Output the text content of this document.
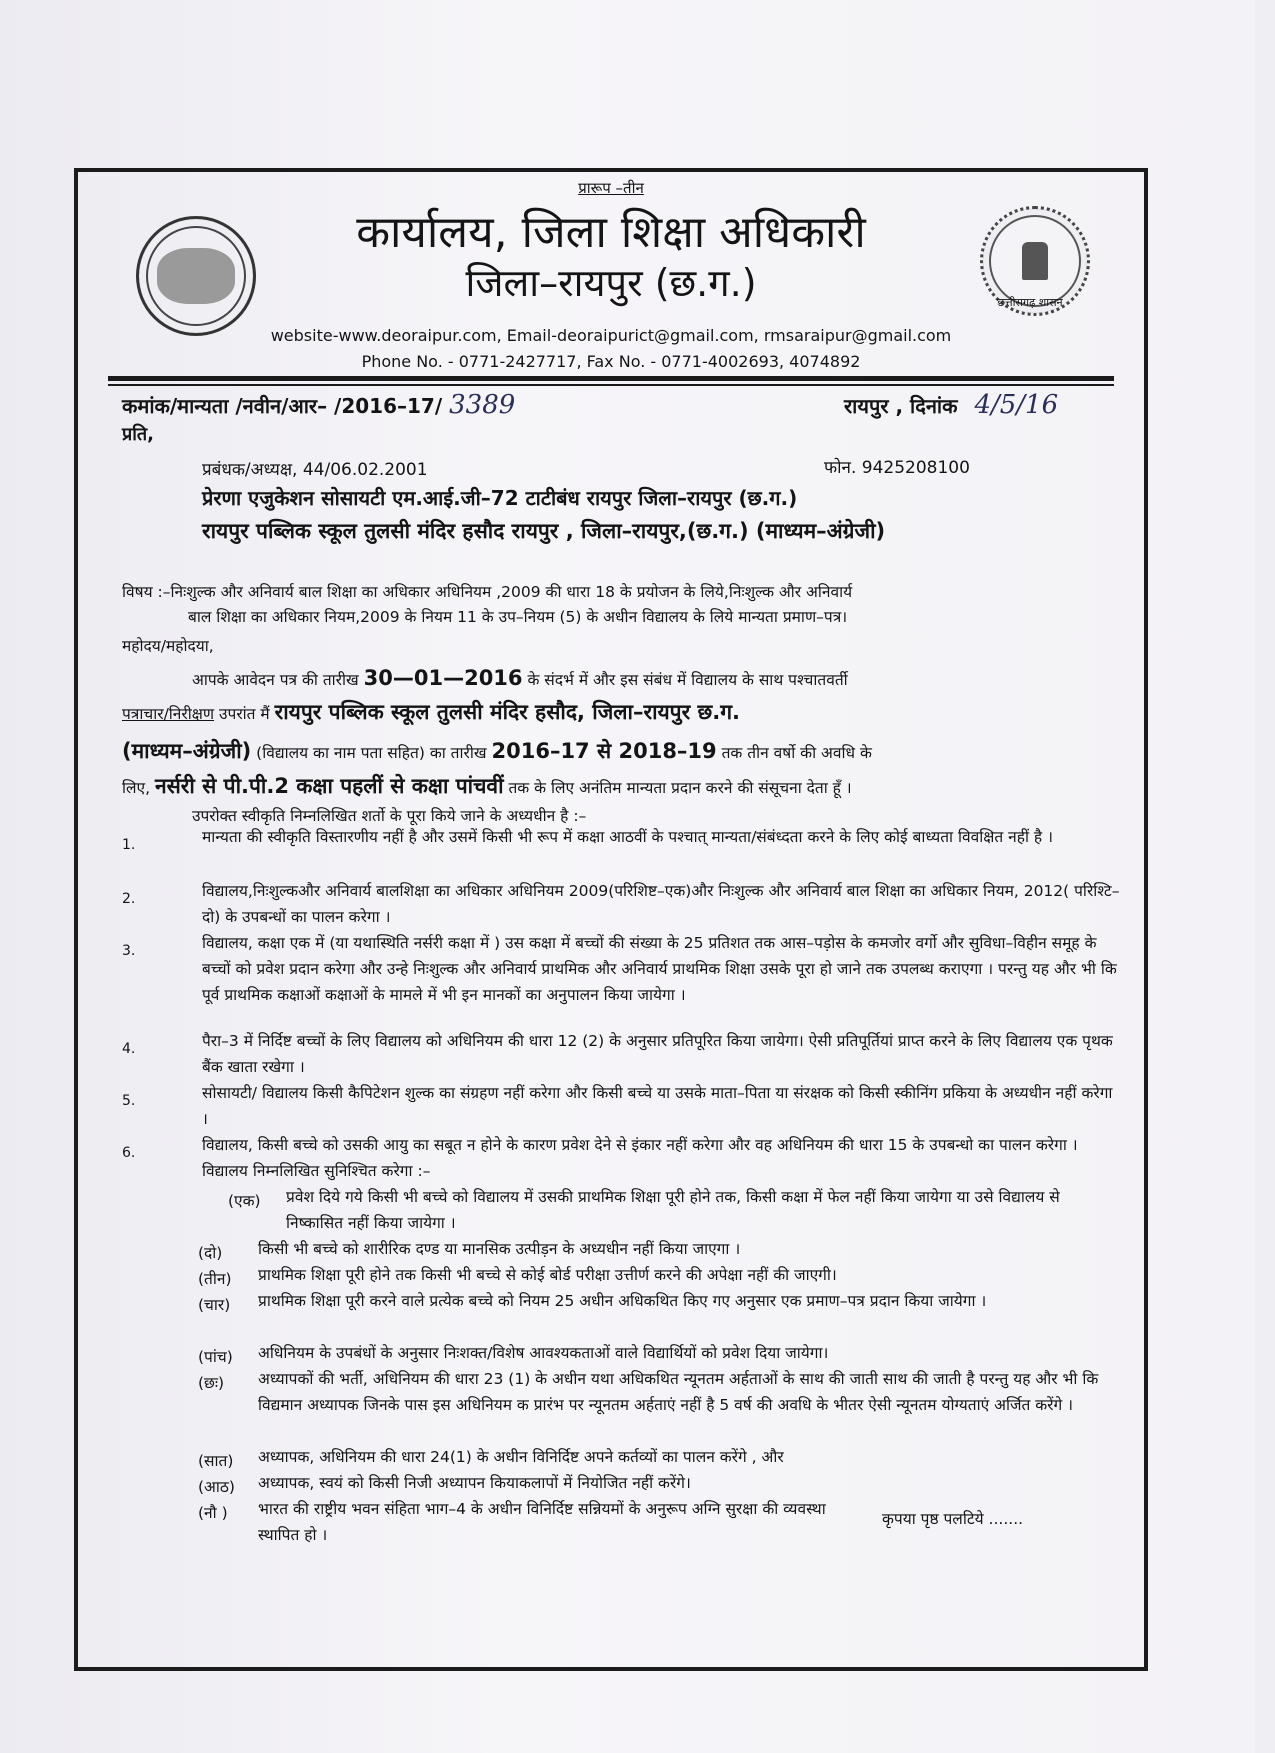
प्रारूप –तीन
छत्तीसगढ़ शासन
कार्यालय, जिला शिक्षा अधिकारी
जिला–रायपुर (छ.ग.)
website-www.deoraipur.com, Email-deoraipurict@gmail.com, rmsaraipur@gmail.com
Phone No. - 0771-2427717, Fax No. - 0771-4002693, 4074892
कमांक/मान्यता /नवीन/आर– /2016–17/ 3389	रायपुर , दिनांक 4/5/16
प्रति,
प्रबंधक/अध्यक्ष, 44/06.02.2001	फोन. 9425208100
प्रेरणा एजुकेशन सोसायटी एम.आई.जी–72 टाटीबंध रायपुर जिला–रायपुर (छ.ग.)
रायपुर पब्लिक स्कूल तुलसी मंदिर हसौद रायपुर , जिला–रायपुर,(छ.ग.) (माध्यम–अंग्रेजी)
विषय :–निःशुल्क और अनिवार्य बाल शिक्षा का अधिकार अधिनियम ,2009 की धारा 18 के प्रयोजन के लिये,निःशुल्क और अनिवार्य
बाल शिक्षा का अधिकार नियम,2009 के नियम 11 के उप–नियम (5) के अधीन विद्यालय के लिये मान्यता प्रमाण–पत्र।
महोदय/महोदया,
आपके आवेदन पत्र की तारीख 30—01—2016 के संदर्भ में और इस संबंध में विद्यालय के साथ पश्चातवर्ती
पत्राचार/निरीक्षण उपरांत मैं रायपुर पब्लिक स्कूल तुलसी मंदिर हसौद, जिला–रायपुर छ.ग.
(माध्यम–अंग्रेजी) (विद्यालय का नाम पता सहित) का तारीख 2016–17 से 2018–19 तक तीन वर्षो की अवधि के
लिए, नर्सरी से पी.पी.2 कक्षा पहलीं से कक्षा पांचवीं तक के लिए अनंतिम मान्यता प्रदान करने की संसूचना देता हूँ ।
उपरोक्त स्वीकृति निम्नलिखित शर्तो के पूरा किये जाने के अध्यधीन है :–
1.	मान्यता की स्वीकृति विस्तारणीय नहीं है और उसमें किसी भी रूप में कक्षा आठवीं के पश्चात् मान्यता/संबंध्दता करने के लिए कोई बाध्यता विवक्षित नहीं है ।
2.	विद्यालय,निःशुल्कऔर अनिवार्य बालशिक्षा का अधिकार अधिनियम 2009(परिशिष्ट–एक)और निःशुल्क और अनिवार्य बाल शिक्षा का अधिकार नियम, 2012( परिश्टि–दो) के उपबन्धों का पालन करेगा ।
3.	विद्यालय, कक्षा एक में (या यथास्थिति नर्सरी कक्षा में ) उस कक्षा में बच्चों की संख्या के 25 प्रतिशत तक आस–पड़ोस के कमजोर वर्गो और सुविधा–विहीन समूह के बच्चों को प्रवेश प्रदान करेगा और उन्हे निःशुल्क और अनिवार्य प्राथमिक और अनिवार्य प्राथमिक शिक्षा उसके पूरा हो जाने तक उपलब्ध कराएगा । परन्तु यह और भी कि पूर्व प्राथमिक कक्षाओं कक्षाओं के मामले में भी इन मानकों का अनुपालन किया जायेगा ।
4.	पैरा–3 में निर्दिष्ट बच्चों के लिए विद्यालय को अधिनियम की धारा 12 (2) के अनुसार प्रतिपूरित किया जायेगा। ऐसी प्रतिपूर्तियां प्राप्त करने के लिए विद्यालय एक पृथक बैंक खाता रखेगा ।
5.	सोसायटी/ विद्यालय किसी कैपिटेशन शुल्क का संग्रहण नहीं करेगा और किसी बच्चे या उसके माता–पिता या संरक्षक को किसी स्कीनिंग प्रकिया के अध्यधीन नहीं करेगा ।
6.	विद्यालय, किसी बच्चे को उसकी आयु का सबूत न होने के कारण प्रवेश देने से इंकार नहीं करेगा और वह अधिनियम की धारा 15 के उपबन्धो का पालन करेगा । विद्यालय निम्नलिखित सुनिश्चित करेगा :–
(एक) प्रवेश दिये गये किसी भी बच्चे को विद्यालय में उसकी प्राथमिक शिक्षा पूरी होने तक, किसी कक्षा में फेल नहीं किया जायेगा या उसे विद्यालय से निष्कासित नहीं किया जायेगा ।
(दो) किसी भी बच्चे को शारीरिक दण्ड या मानसिक उत्पीड़न के अध्यधीन नहीं किया जाएगा ।
(तीन) प्राथमिक शिक्षा पूरी होने तक किसी भी बच्चे से कोई बोर्ड परीक्षा उत्तीर्ण करने की अपेक्षा नहीं की जाएगी।
(चार) प्राथमिक शिक्षा पूरी करने वाले प्रत्येक बच्चे को नियम 25 अधीन अधिकथित किए गए अनुसार एक प्रमाण–पत्र प्रदान किया जायेगा ।
(पांच) अधिनियम के उपबंधों के अनुसार निःशक्त/विशेष आवश्यकताओं वाले विद्यार्थियों को प्रवेश दिया जायेगा।
(छः) अध्यापकों की भर्ती, अधिनियम की धारा 23 (1) के अधीन यथा अधिकथित न्यूनतम अर्हताओं के साथ की जाती साथ की जाती है परन्तु यह और भी कि विद्यमान अध्यापक जिनके पास इस अधिनियम क प्रारंभ पर न्यूनतम अर्हताएं नहीं है 5 वर्ष की अवधि के भीतर ऐसी न्यूनतम योग्यताएं अर्जित करेंगे ।
(सात) अध्यापक, अधिनियम की धारा 24(1) के अधीन विनिर्दिष्ट अपने कर्तव्यों का पालन करेंगे , और
(आठ) अध्यापक, स्वयं को किसी निजी अध्यापन कियाकलापों में नियोजित नहीं करेंगे।
(नौ ) भारत की राष्ट्रीय भवन संहिता भाग–4 के अधीन विनिर्दिष्ट सन्नियमों के अनुरूप अग्नि सुरक्षा की व्यवस्था स्थापित हो ।
कृपया पृष्ठ पलटिये .......
